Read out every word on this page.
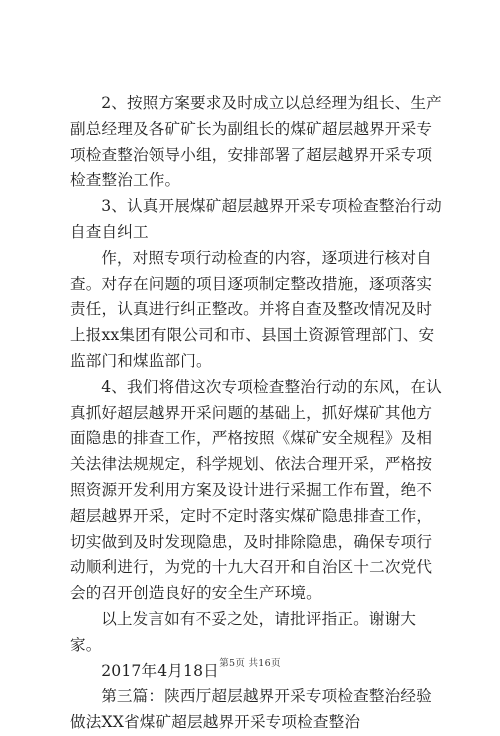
2、按照方案要求及时成立以总经理为组长、生产副总经理及各矿矿长为副组长的煤矿超层越界开采专项检查整治领导小组，安排部署了超层越界开采专项检查整治工作。

3、认真开展煤矿超层越界开采专项检查整治行动自查自纠工

作，对照专项行动检查的内容，逐项进行核对自查。对存在问题的项目逐项制定整改措施，逐项落实责任，认真进行纠正整改。并将自查及整改情况及时上报xx集团有限公司和市、县国土资源管理部门、安监部门和煤监部门。

4、我们将借这次专项检查整治行动的东风，在认真抓好超层越界开采问题的基础上，抓好煤矿其他方面隐患的排查工作，严格按照《煤矿安全规程》及相关法律法规规定，科学规划、依法合理开采，严格按照资源开发利用方案及设计进行采掘工作布置，绝不超层越界开采，定时不定时落实煤矿隐患排查工作，切实做到及时发现隐患，及时排除隐患，确保专项行动顺利进行，为党的十九大召开和自治区十二次党代会的召开创造良好的安全生产环境。

以上发言如有不妥之处，请批评指正。谢谢大家。

2017年4月18日

第三篇：陕西厅超层越界开采专项检查整治经验做法XX省煤矿超层越界开采专项检查整治

第5页 共16页
